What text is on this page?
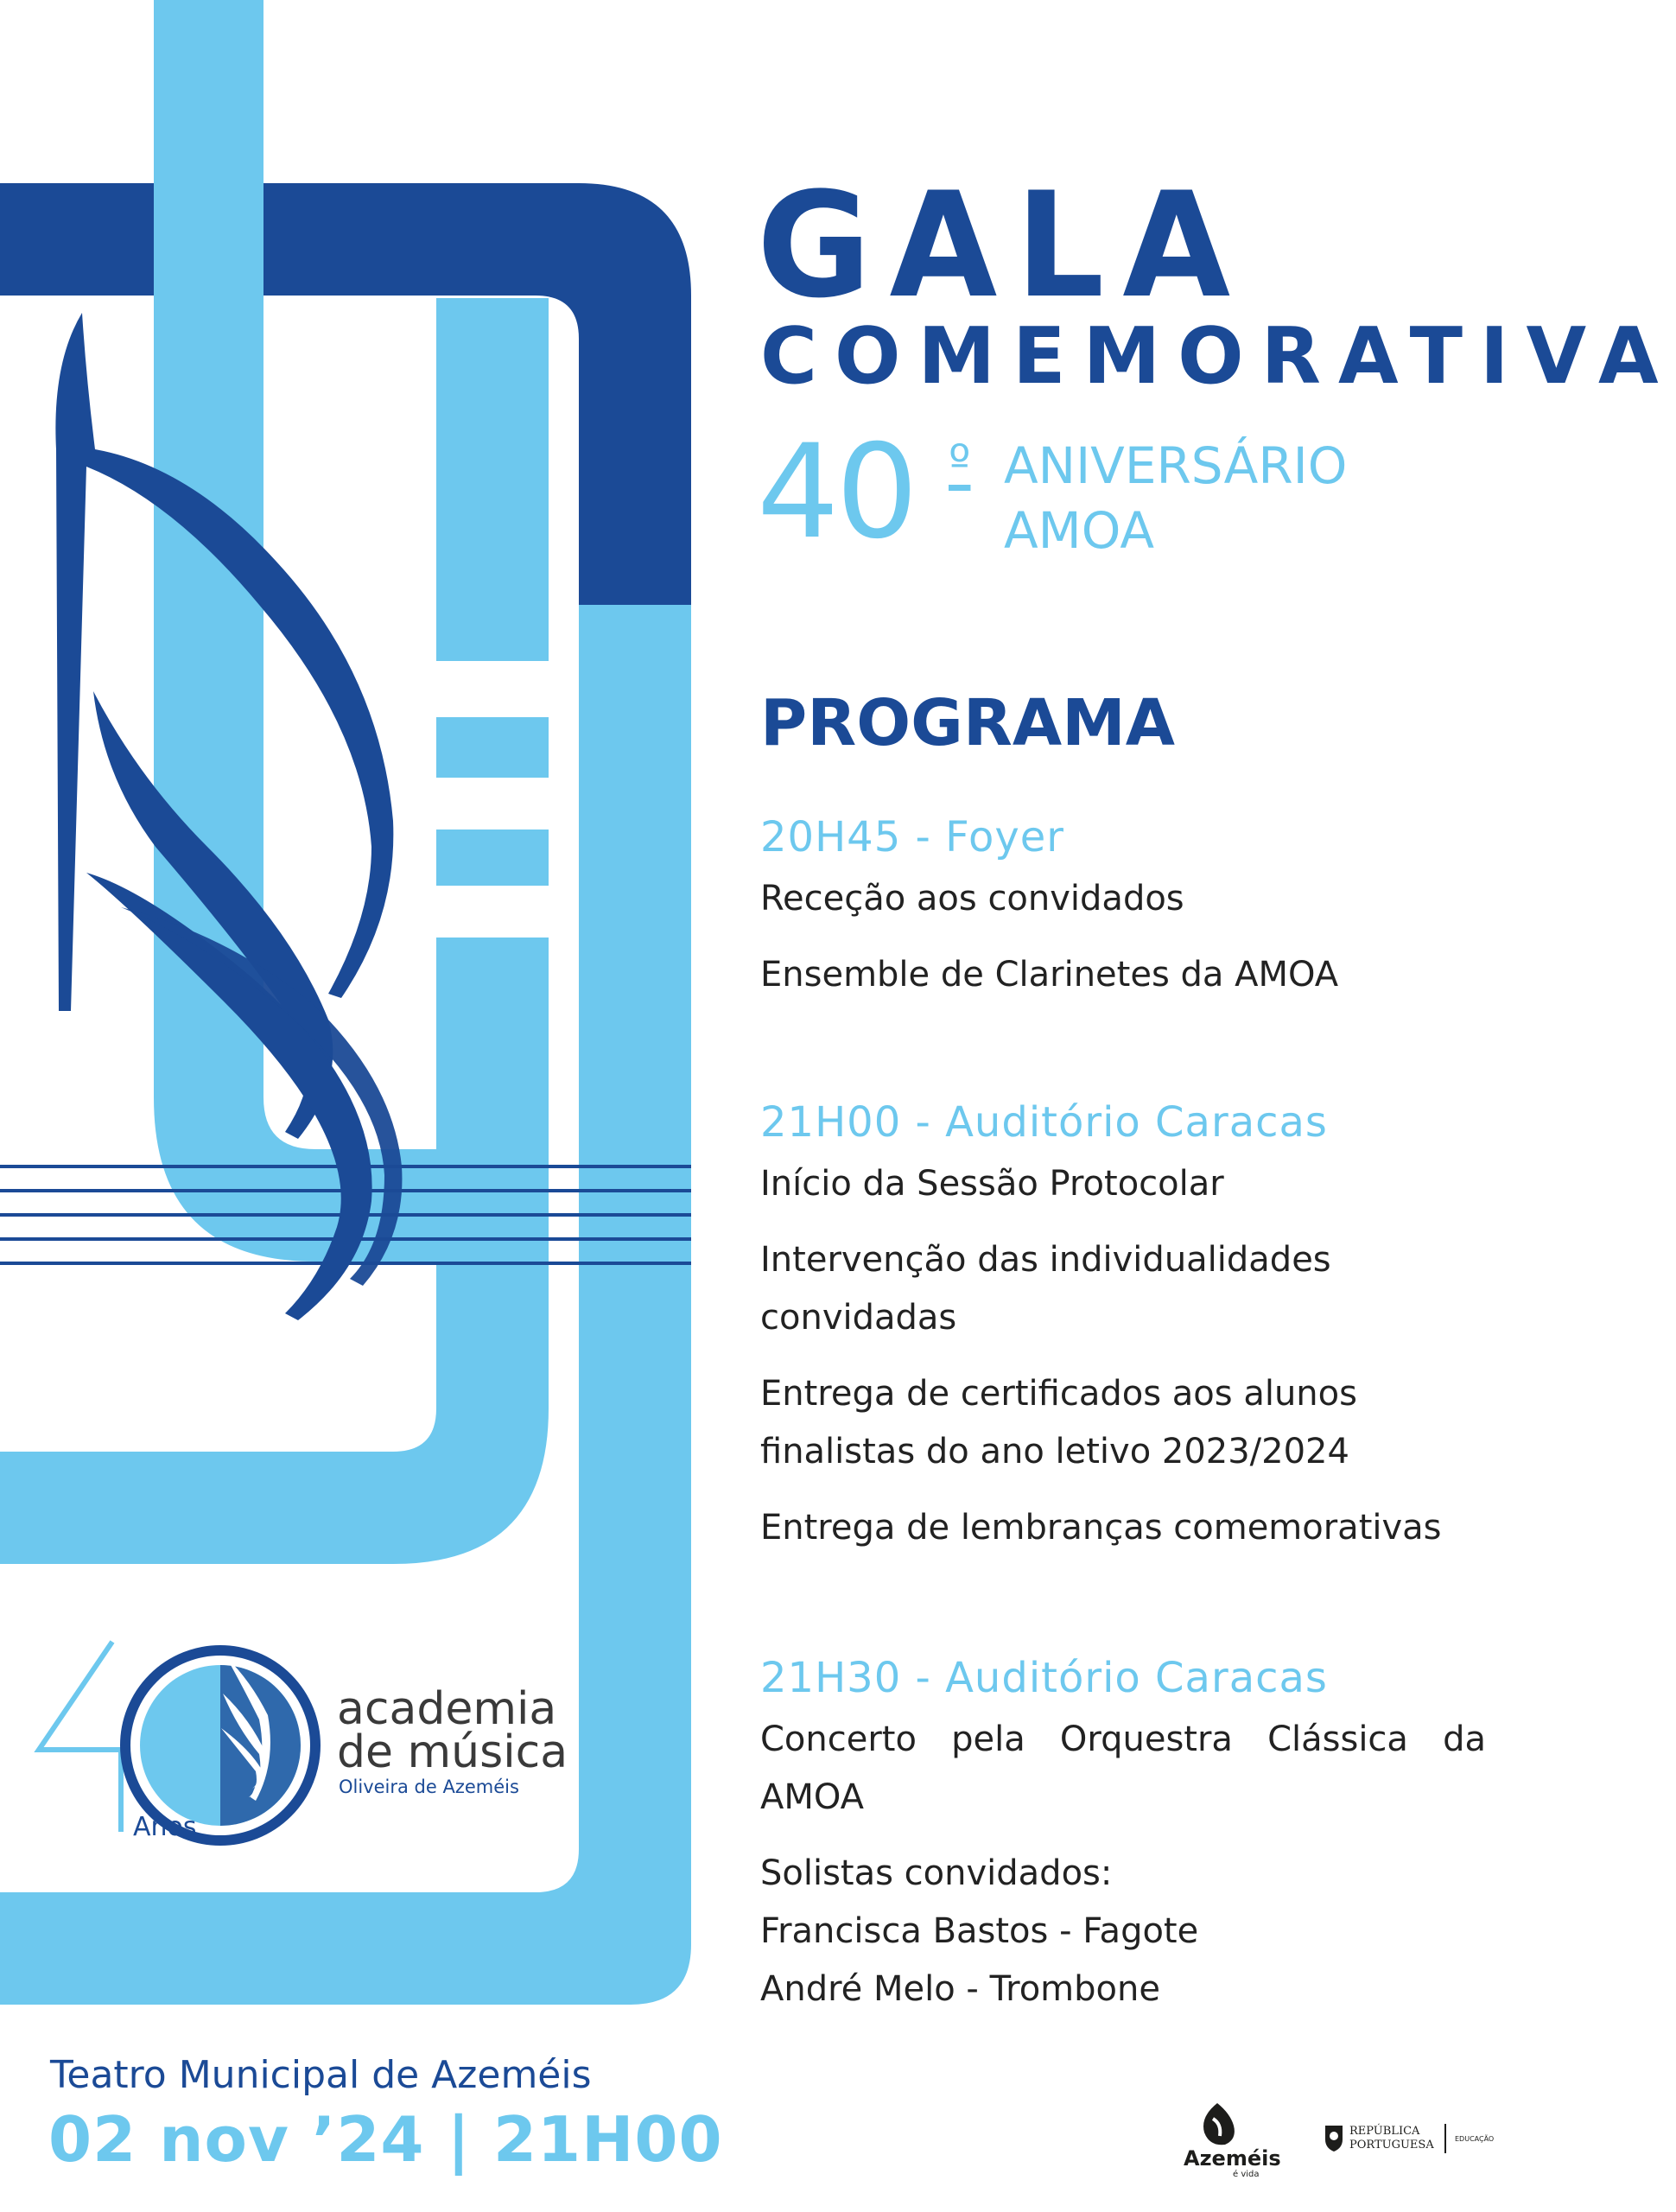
GALA
COMEMORATIVA
40 º ANIVERSÁRIO
AMOA
PROGRAMA
20H45 - Foyer
Receção aos convidados
Ensemble de Clarinetes da AMOA
21H00 - Auditório Caracas
Início da Sessão Protocolar
Intervenção das individualidades
convidadas
Entrega de certificados aos alunos
finalistas do ano letivo 2023/2024
Entrega de lembranças comemorativas
21H30 - Auditório Caracas
Concerto pela Orquestra Clássica da
AMOA
Solistas convidados:
Francisca Bastos - Fagote
André Melo - Trombone
academia
de música
Oliveira de Azeméis
Anos
Teatro Municipal de Azeméis
02 nov ’24 | 21H00	Azeméis
é vida
REPÚBLICA
PORTUGUESA	EDUCAÇÃO
